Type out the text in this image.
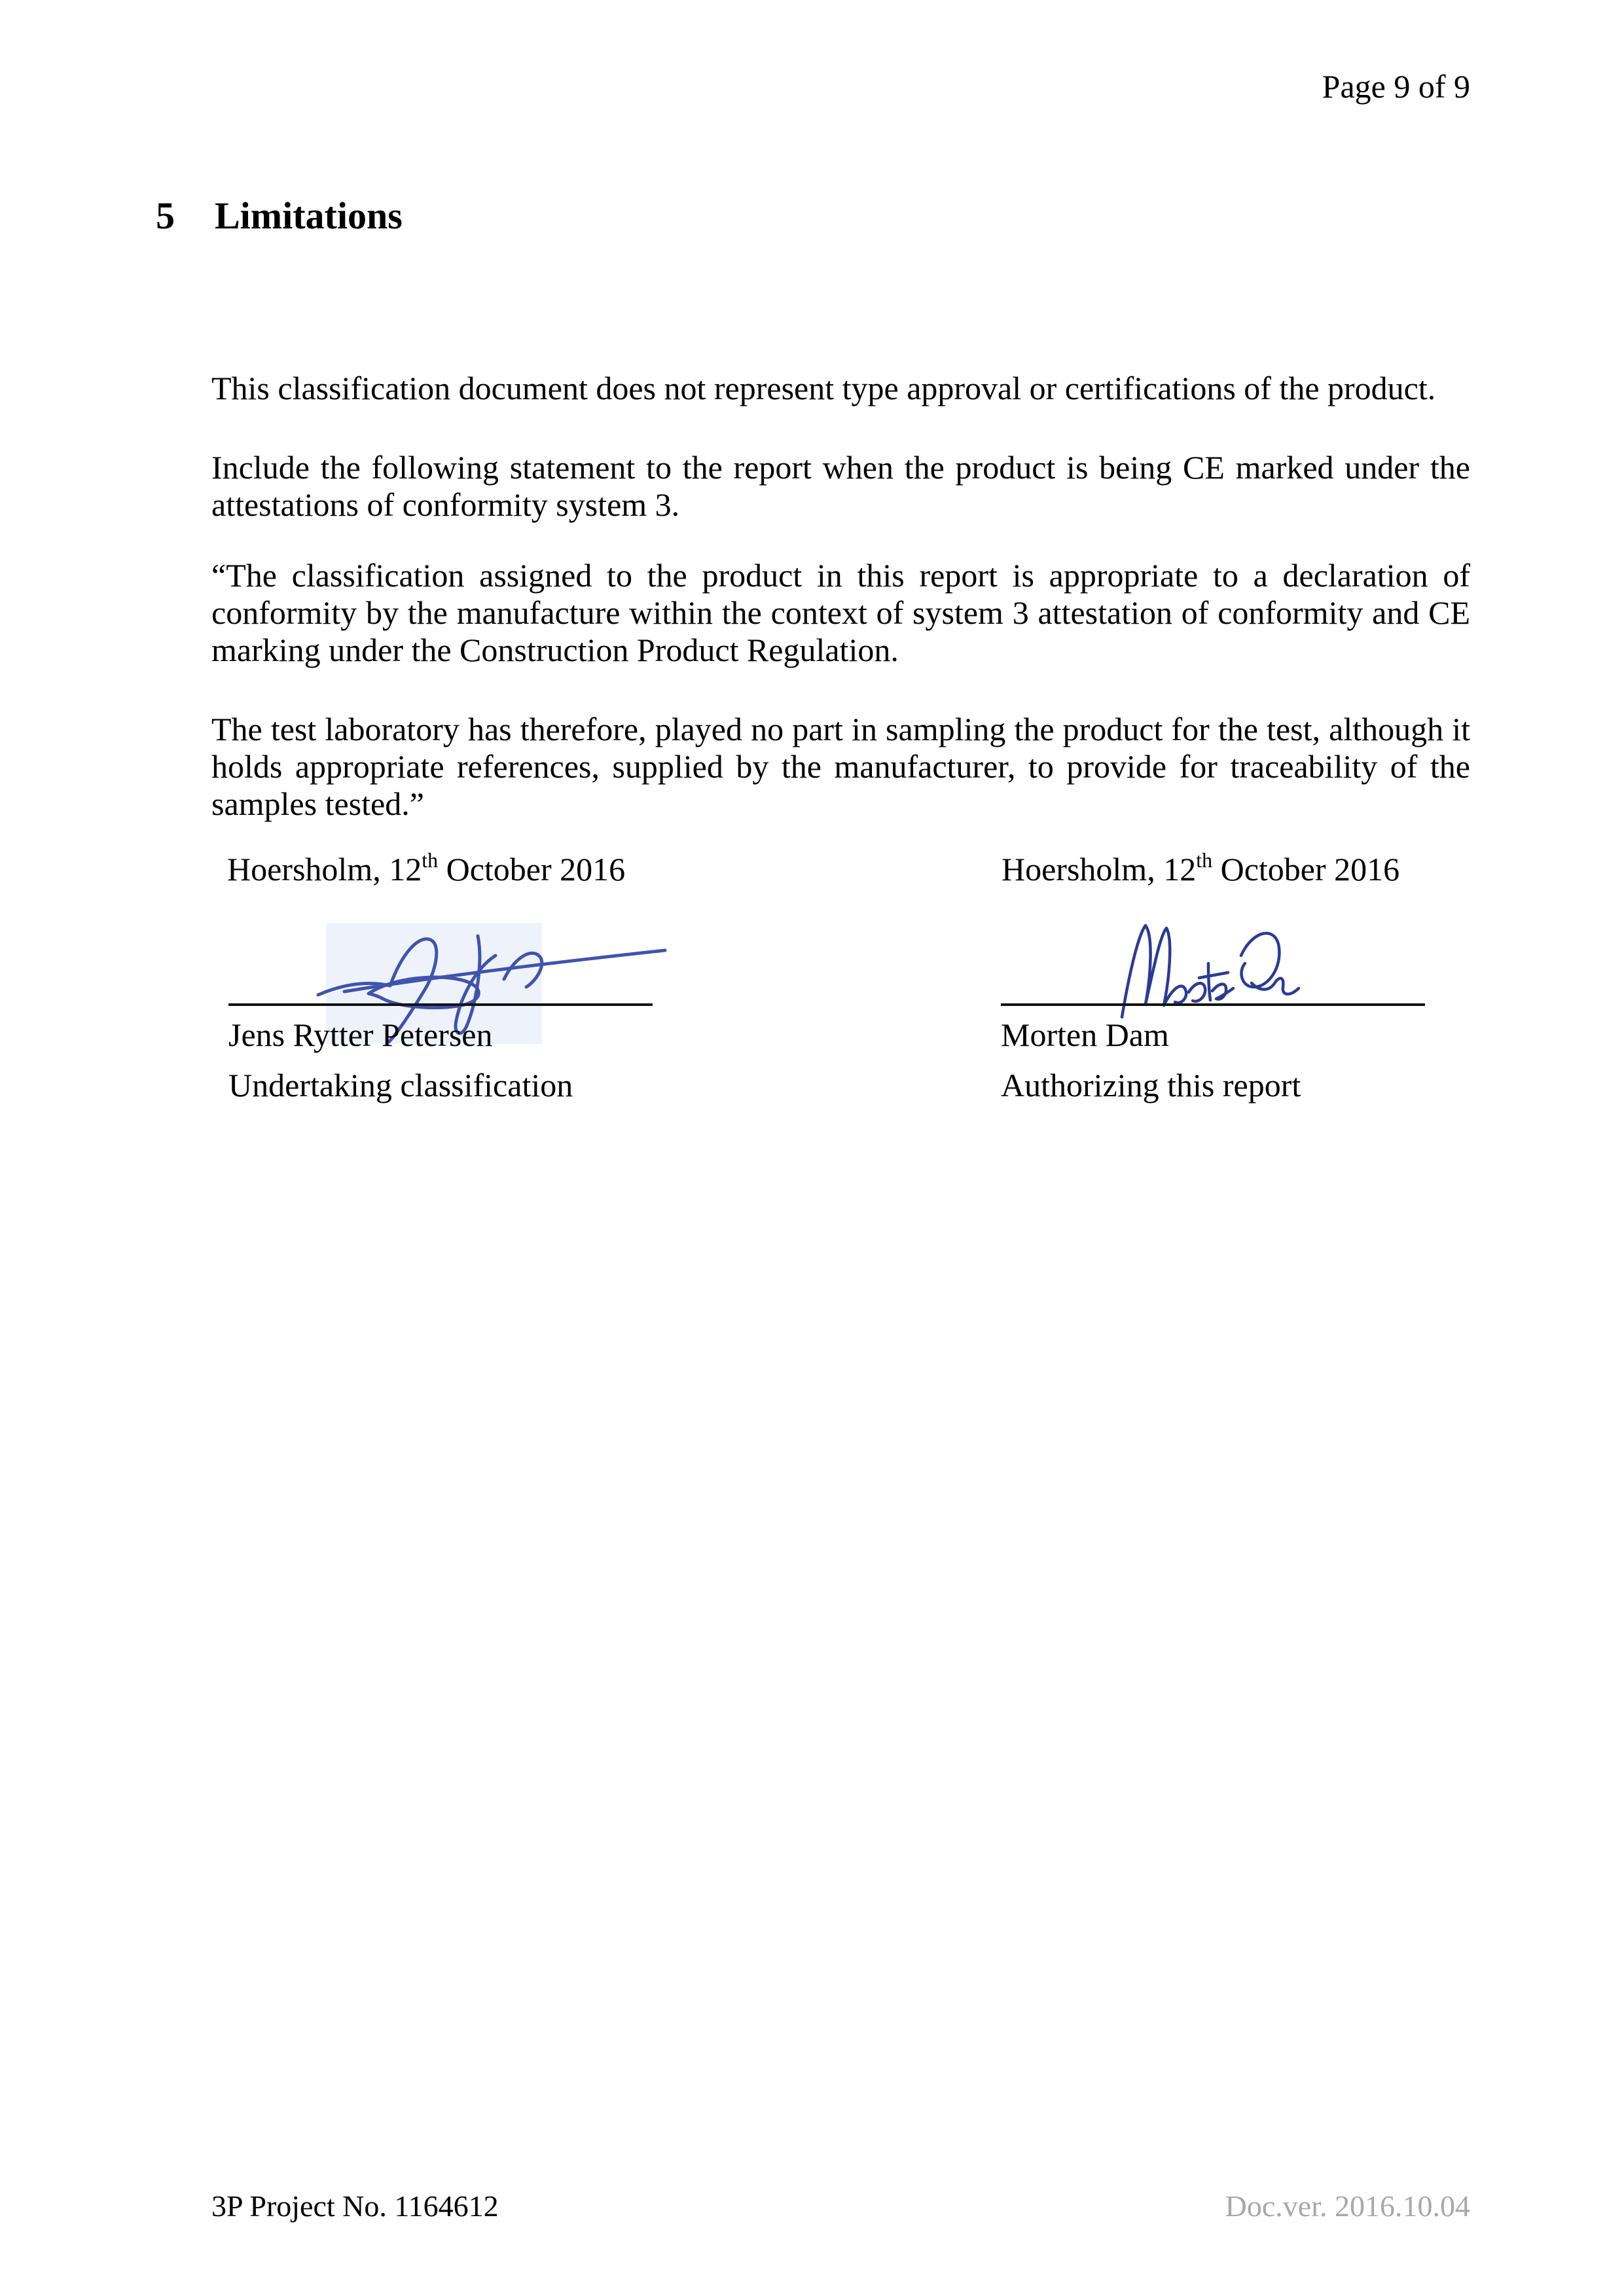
Page 9 of 9
5 Limitations

This classification document does not represent type approval or certifications of the product.

Include the following statement to the report when the product is being CE marked under the attestations of conformity system 3.

“The classification assigned to the product in this report is appropriate to a declaration of conformity by the manufacture within the context of system 3 attestation of conformity and CE marking under the Construction Product Regulation.

The test laboratory has therefore, played no part in sampling the product for the test, although it holds appropriate references, supplied by the manufacturer, to provide for traceability of the samples tested.”

Hoersholm, 12th October 2016	Hoersholm, 12th October 2016
Jens Rytter Petersen
Undertaking classification
Morten Dam
Authorizing this report
3P Project No. 1164612	Doc.ver. 2016.10.04
